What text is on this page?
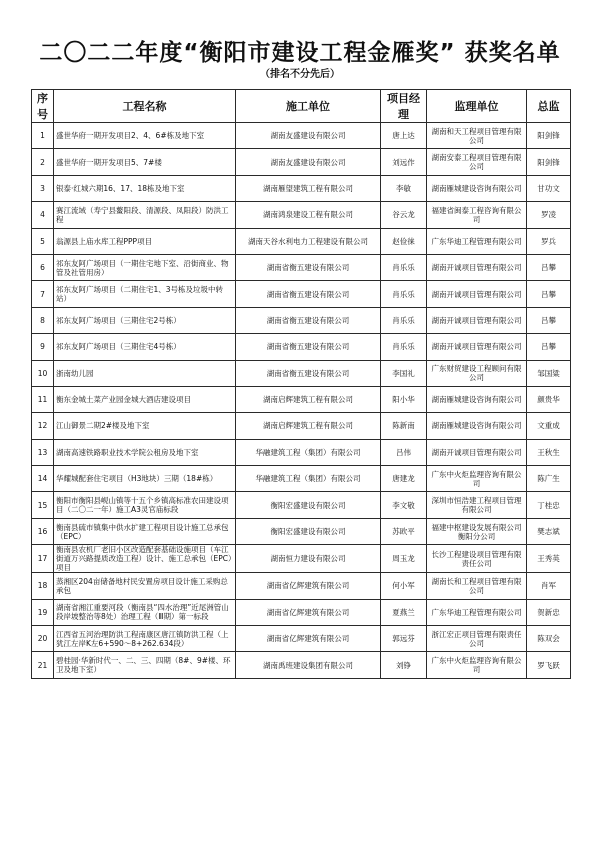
二〇二二年度“衡阳市建设工程金雁奖” 获奖名单
（排名不分先后）
序号	工程名称	施工单位	项目经理	监理单位	总监
1	盛世华府一期开发项目2、4、6#栋及地下室	湖南友盛建设有限公司	唐上达	湖南和天工程项目管理有限公司	阳剑锋
2	盛世华府一期开发项目5、7#楼	湖南友盛建设有限公司	刘远作	湖南安泰工程项目管理有限公司	阳剑锋
3	银泰·红城六期16、17、18栋及地下室	湖南雁望建筑工程有限公司	李敏	湖南雁城建设咨询有限公司	甘功文
4	赛江流域（寿宁县鳌阳段、清源段、凤阳段）防洪工程	湖南鸿泉建设工程有限公司	谷云龙	福建省闽泰工程咨询有限公司	罗凌
5	翁源县上庙水库工程PPP项目	湖南天谷水利电力工程建设有限公司	赵俭徕	广东华迪工程管理有限公司	罗兵
6	祁东友阿广场项目（一期住宅地下室、沿街商业、物管及社管用房）	湖南省衡五建设有限公司	肖乐乐	湖南开诚项目管理有限公司	吕攀
7	祁东友阿广场项目（二期住宅1、3号栋及垃圾中转站）	湖南省衡五建设有限公司	肖乐乐	湖南开诚项目管理有限公司	吕攀
8	祁东友阿广场项目（三期住宅2号栋）	湖南省衡五建设有限公司	肖乐乐	湖南开诚项目管理有限公司	吕攀
9	祁东友阿广场项目（三期住宅4号栋）	湖南省衡五建设有限公司	肖乐乐	湖南开诚项目管理有限公司	吕攀
10	浙南幼儿园	湖南省衡五建设有限公司	李国礼	广东财贸建设工程顾问有限公司	邹国粱
11	衡东金城土菜产业园金城大酒店建设项目	湖南启辉建筑工程有限公司	阳小华	湖南雁城建设咨询有限公司	颜贵华
12	江山御景二期2#楼及地下室	湖南启辉建筑工程有限公司	陈新南	湖南雁城建设咨询有限公司	文重成
13	湖南高速铁路职业技术学院公租房及地下室	华融建筑工程（集团）有限公司	吕伟	湖南开诚项目管理有限公司	王秋生
14	华耀城配套住宅项目（H3地块）三期（18#栋）	华融建筑工程（集团）有限公司	唐建龙	广东中火炬监理咨询有限公司	陈广生
15	衡阳市衡阳县岘山镇等十五个乡镇高标准农田建设项目（二〇二一年）施工A3灵官庙标段	衡阳宏盛建设有限公司	李文敬	深圳市恒浩建工程项目管理有限公司	丁桂忠
16	衡南县硫市镇集中供水扩建工程项目设计施工总承包（EPC）	衡阳宏盛建设有限公司	苏欧平	福建中枢建设发展有限公司衡阳分公司	樊志斌
17	衡南县农机厂老旧小区改造配套基础设施项目（车江街道万兴路提质改造工程）设计、施工总承包（EPC）项目	湖南恒力建设有限公司	周玉龙	长沙工程建设项目管理有限责任公司	王秀英
18	蒸湘区204亩储备地村民安置房项目设计施工采购总承包	湖南省亿辉建筑有限公司	何小军	湖南长和工程项目管理有限公司	肖军
19	湖南省湘江重要河段（衡南县“四水治理”近尾洲管山段岸坡整治等8处）治理工程（Ⅲ期）第一标段	湖南省亿辉建筑有限公司	夏燕兰	广东华迪工程管理有限公司	贺新忠
20	江西省五河治理防洪工程南康区唐江镇防洪工程（上犹江左岸K左6+590～8+262.634段）	湖南省亿辉建筑有限公司	郭远芬	浙江宏正项目管理有限责任公司	陈双会
21	碧桂园·华新时代一、二、三、四期（8#、9#楼、环卫及地下室）	湖南禹班建设集团有限公司	刘铮	广东中火炬监理咨询有限公司	罗飞跃
